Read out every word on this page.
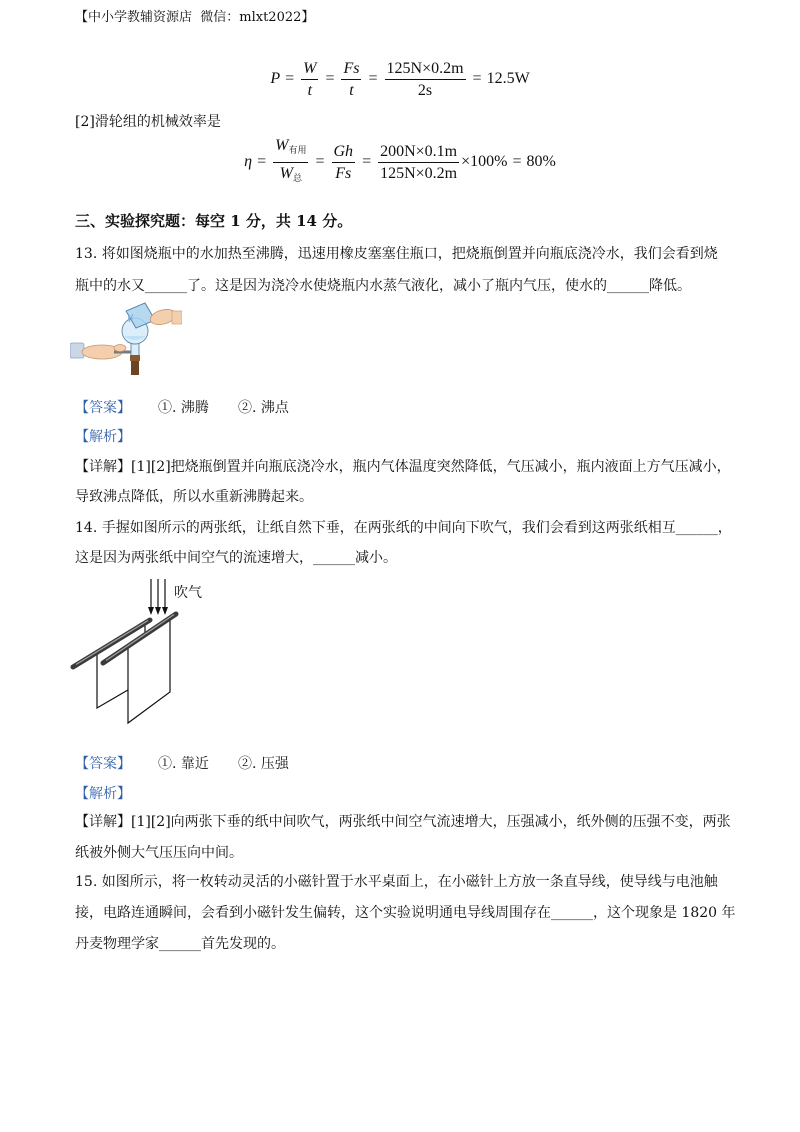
【中小学教辅资源店  微信：mlxt2022】
$P = \frac{W}{t} = \frac{Fs}{t} = \frac{125N\times 0.2m}{2s} = 12.5W$
[2]滑轮组的机械效率是
$\eta = \frac{W_{有用}}{W_总} = \frac{Gh}{Fs} = \frac{200N\times 0.1m}{125N\times 0.2m} \times 100\% = 80\%$
三、实验探究题：每空 1 分，共 14 分。
13. 将如图烧瓶中的水加热至沸腾，迅速用橡皮塞塞住瓶口，把烧瓶倒置并向瓶底浇冷水，我们会看到烧
瓶中的水又______了。这是因为浇冷水使烧瓶内水蒸气液化，减小了瓶内气压，使水的______降低。
【答案】 ①. 沸腾 ②. 沸点
【解析】
【详解】[1][2]把烧瓶倒置并向瓶底浇冷水，瓶内气体温度突然降低，气压减小，瓶内液面上方气压减小，
导致沸点降低，所以水重新沸腾起来。
14. 手握如图所示的两张纸，让纸自然下垂，在两张纸的中间向下吹气，我们会看到这两张纸相互______，
这是因为两张纸中间空气的流速增大，______减小。
吹气
【答案】 ①. 靠近 ②. 压强
【解析】
【详解】[1][2]向两张下垂的纸中间吹气，两张纸中间空气流速增大，压强减小，纸外侧的压强不变，两张
纸被外侧大气压压向中间。
15. 如图所示，将一枚转动灵活的小磁针置于水平桌面上，在小磁针上方放一条直导线，使导线与电池触
接，电路连通瞬间，会看到小磁针发生偏转，这个实验说明通电导线周围存在______，这个现象是 1820 年
丹麦物理学家______首先发现的。
